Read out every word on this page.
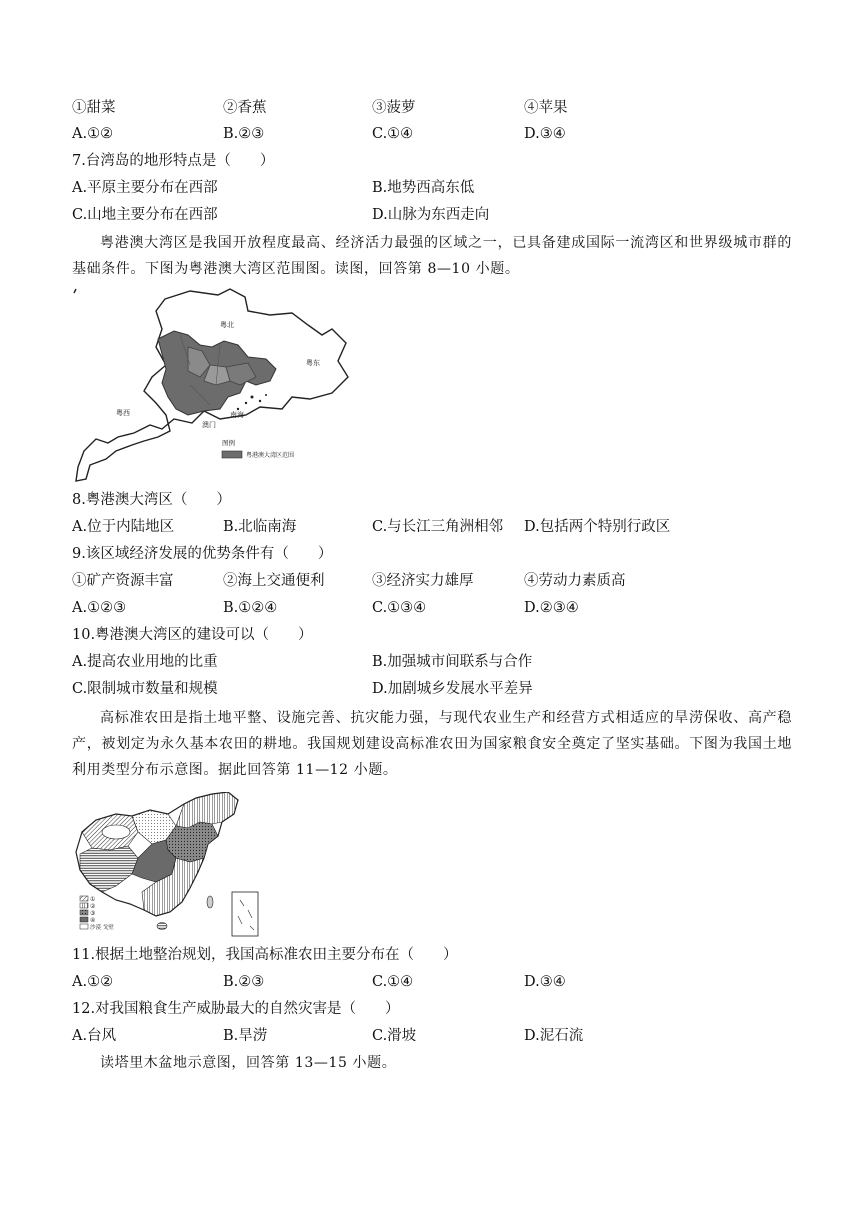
①甜菜	②香蕉	③菠萝	④苹果
A.①②	B.②③	C.①④	D.③④
7.台湾岛的地形特点是（　　）
A.平原主要分布在西部	B.地势西高东低
C.山地主要分布在西部	D.山脉为东西走向
粤港澳大湾区是我国开放程度最高、经济活力最强的区域之一，已具备建成国际一流湾区和世界级城市群的基础条件。下图为粤港澳大湾区范围图。读图，回答第 8—10 小题。
粤北
粤东
粤西	南海
澳门
图例
粤港澳大湾区范围
8.粤港澳大湾区（　　）
A.位于内陆地区	B.北临南海	C.与长江三角洲相邻 D.包括两个特别行政区
9.该区域经济发展的优势条件有（　　）
①矿产资源丰富	②海上交通便利	③经济实力雄厚	④劳动力素质高
A.①②③	B.①②④	C.①③④	D.②③④
10.粤港澳大湾区的建设可以（　　）
A.提高农业用地的比重	B.加强城市间联系与合作
C.限制城市数量和规模	D.加剧城乡发展水平差异
高标准农田是指土地平整、设施完善、抗灾能力强，与现代农业生产和经营方式相适应的旱涝保收、高产稳产，被划定为永久基本农田的耕地。我国规划建设高标准农田为国家粮食安全奠定了坚实基础。下图为我国土地利用类型分布示意图。据此回答第 11—12 小题。
①
②
③
④
沙漠 戈壁
11.根据土地整治规划，我国高标准农田主要分布在（　　）
A.①②	B.②③	C.①④	D.③④
12.对我国粮食生产威胁最大的自然灾害是（　　）
A.台风	B.旱涝	C.滑坡	D.泥石流
读塔里木盆地示意图，回答第 13—15 小题。
